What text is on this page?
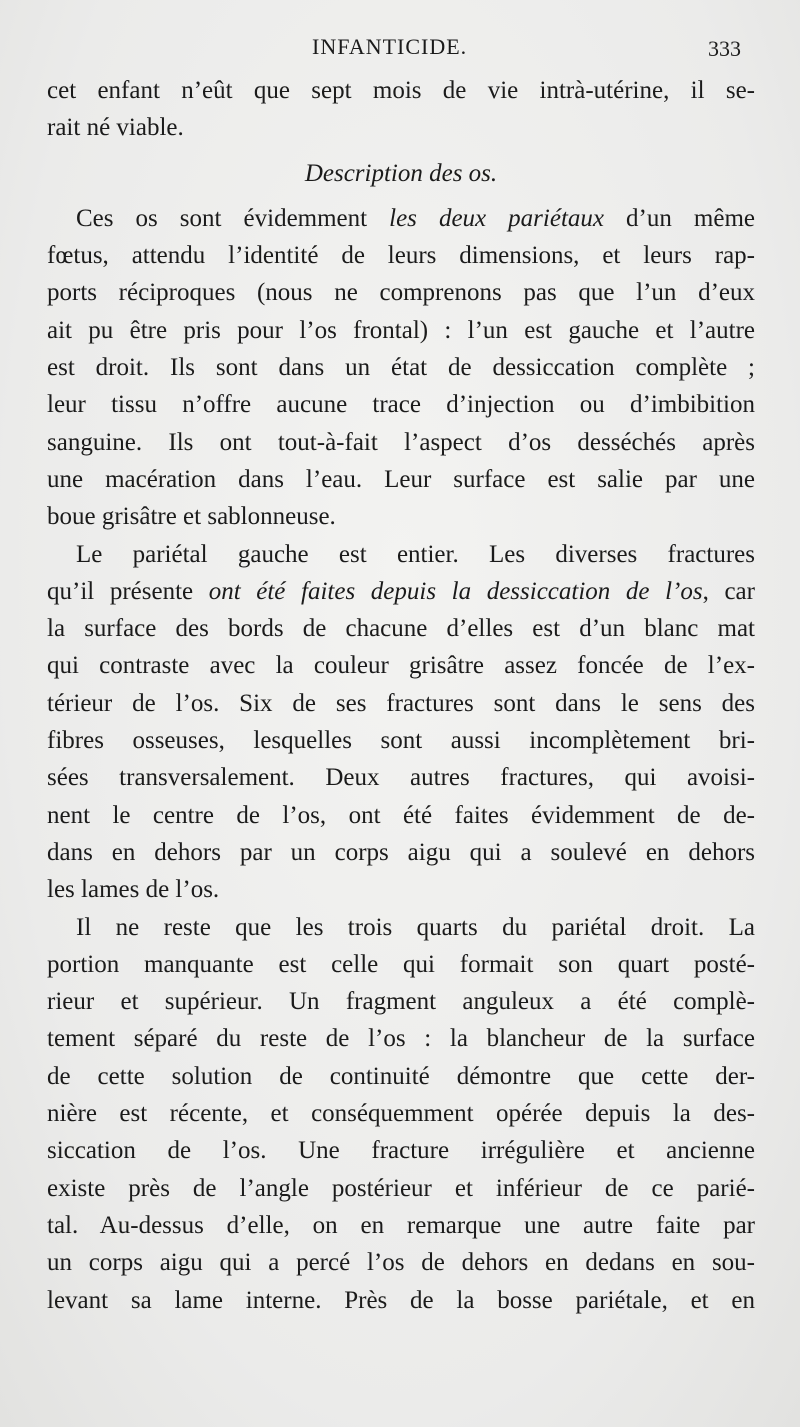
INFANTICIDE.	333
cet enfant n’eût que sept mois de vie intrà-utérine, il se-
rait né viable.
Description des os.
Ces os sont évidemment les deux pariétaux d’un même
fœtus, attendu l’identité de leurs dimensions, et leurs rap-
ports réciproques (nous ne comprenons pas que l’un d’eux
ait pu être pris pour l’os frontal) : l’un est gauche et l’autre
est droit. Ils sont dans un état de dessiccation complète ;
leur tissu n’offre aucune trace d’injection ou d’imbibition
sanguine. Ils ont tout-à-fait l’aspect d’os desséchés après
une macération dans l’eau. Leur surface est salie par une
boue grisâtre et sablonneuse.
Le pariétal gauche est entier. Les diverses fractures
qu’il présente ont été faites depuis la dessiccation de l’os, car
la surface des bords de chacune d’elles est d’un blanc mat
qui contraste avec la couleur grisâtre assez foncée de l’ex-
térieur de l’os. Six de ses fractures sont dans le sens des
fibres osseuses, lesquelles sont aussi incomplètement bri-
sées transversalement. Deux autres fractures, qui avoisi-
nent le centre de l’os, ont été faites évidemment de de-
dans en dehors par un corps aigu qui a soulevé en dehors
les lames de l’os.
Il ne reste que les trois quarts du pariétal droit. La
portion manquante est celle qui formait son quart posté-
rieur et supérieur. Un fragment anguleux a été complè-
tement séparé du reste de l’os : la blancheur de la surface
de cette solution de continuité démontre que cette der-
nière est récente, et conséquemment opérée depuis la des-
siccation de l’os. Une fracture irrégulière et ancienne
existe près de l’angle postérieur et inférieur de ce parié-
tal. Au-dessus d’elle, on en remarque une autre faite par
un corps aigu qui a percé l’os de dehors en dedans en sou-
levant sa lame interne. Près de la bosse pariétale, et en
